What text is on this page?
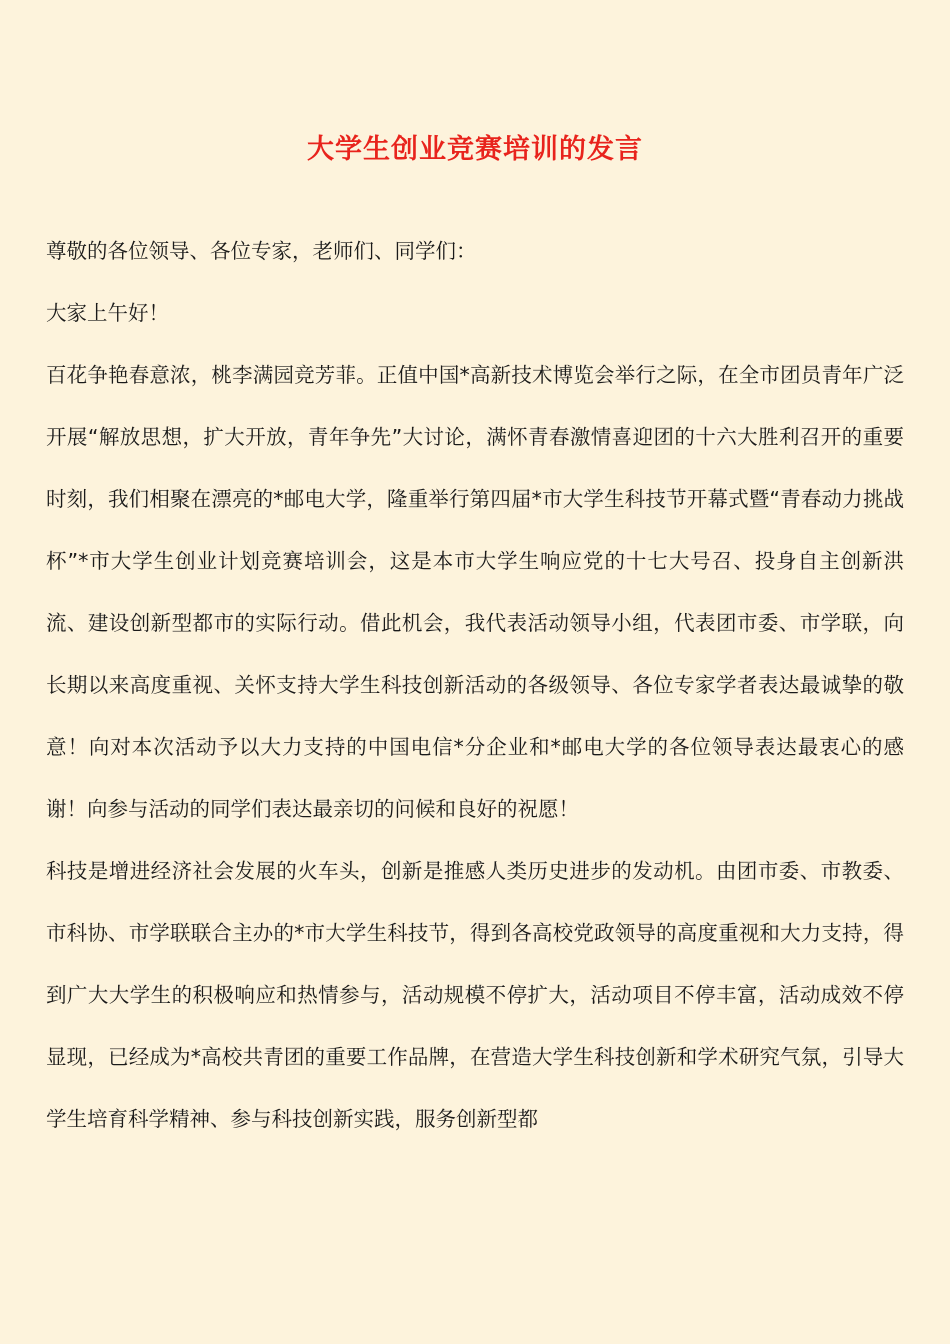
大学生创业竞赛培训的发言

尊敬的各位领导、各位专家，老师们、同学们：

大家上午好！

百花争艳春意浓，桃李满园竞芳菲。正值中国*高新技术博览会举行之际，在全市团员青年广泛开展“解放思想，扩大开放，青年争先”大讨论，满怀青春激情喜迎团的十六大胜利召开的重要时刻，我们相聚在漂亮的*邮电大学，隆重举行第四届*市大学生科技节开幕式暨“青春动力挑战杯”*市大学生创业计划竞赛培训会，这是本市大学生响应党的十七大号召、投身自主创新洪流、建设创新型都市的实际行动。借此机会，我代表活动领导小组，代表团市委、市学联，向长期以来高度重视、关怀支持大学生科技创新活动的各级领导、各位专家学者表达最诚挚的敬意！向对本次活动予以大力支持的中国电信*分企业和*邮电大学的各位领导表达最衷心的感谢！向参与活动的同学们表达最亲切的问候和良好的祝愿！

科技是增进经济社会发展的火车头，创新是推感人类历史进步的发动机。由团市委、市教委、市科协、市学联联合主办的*市大学生科技节，得到各高校党政领导的高度重视和大力支持，得到广大大学生的积极响应和热情参与，活动规模不停扩大，活动项目不停丰富，活动成效不停显现，已经成为*高校共青团的重要工作品牌，在营造大学生科技创新和学术研究气氛，引导大学生培育科学精神、参与科技创新实践，服务创新型都
